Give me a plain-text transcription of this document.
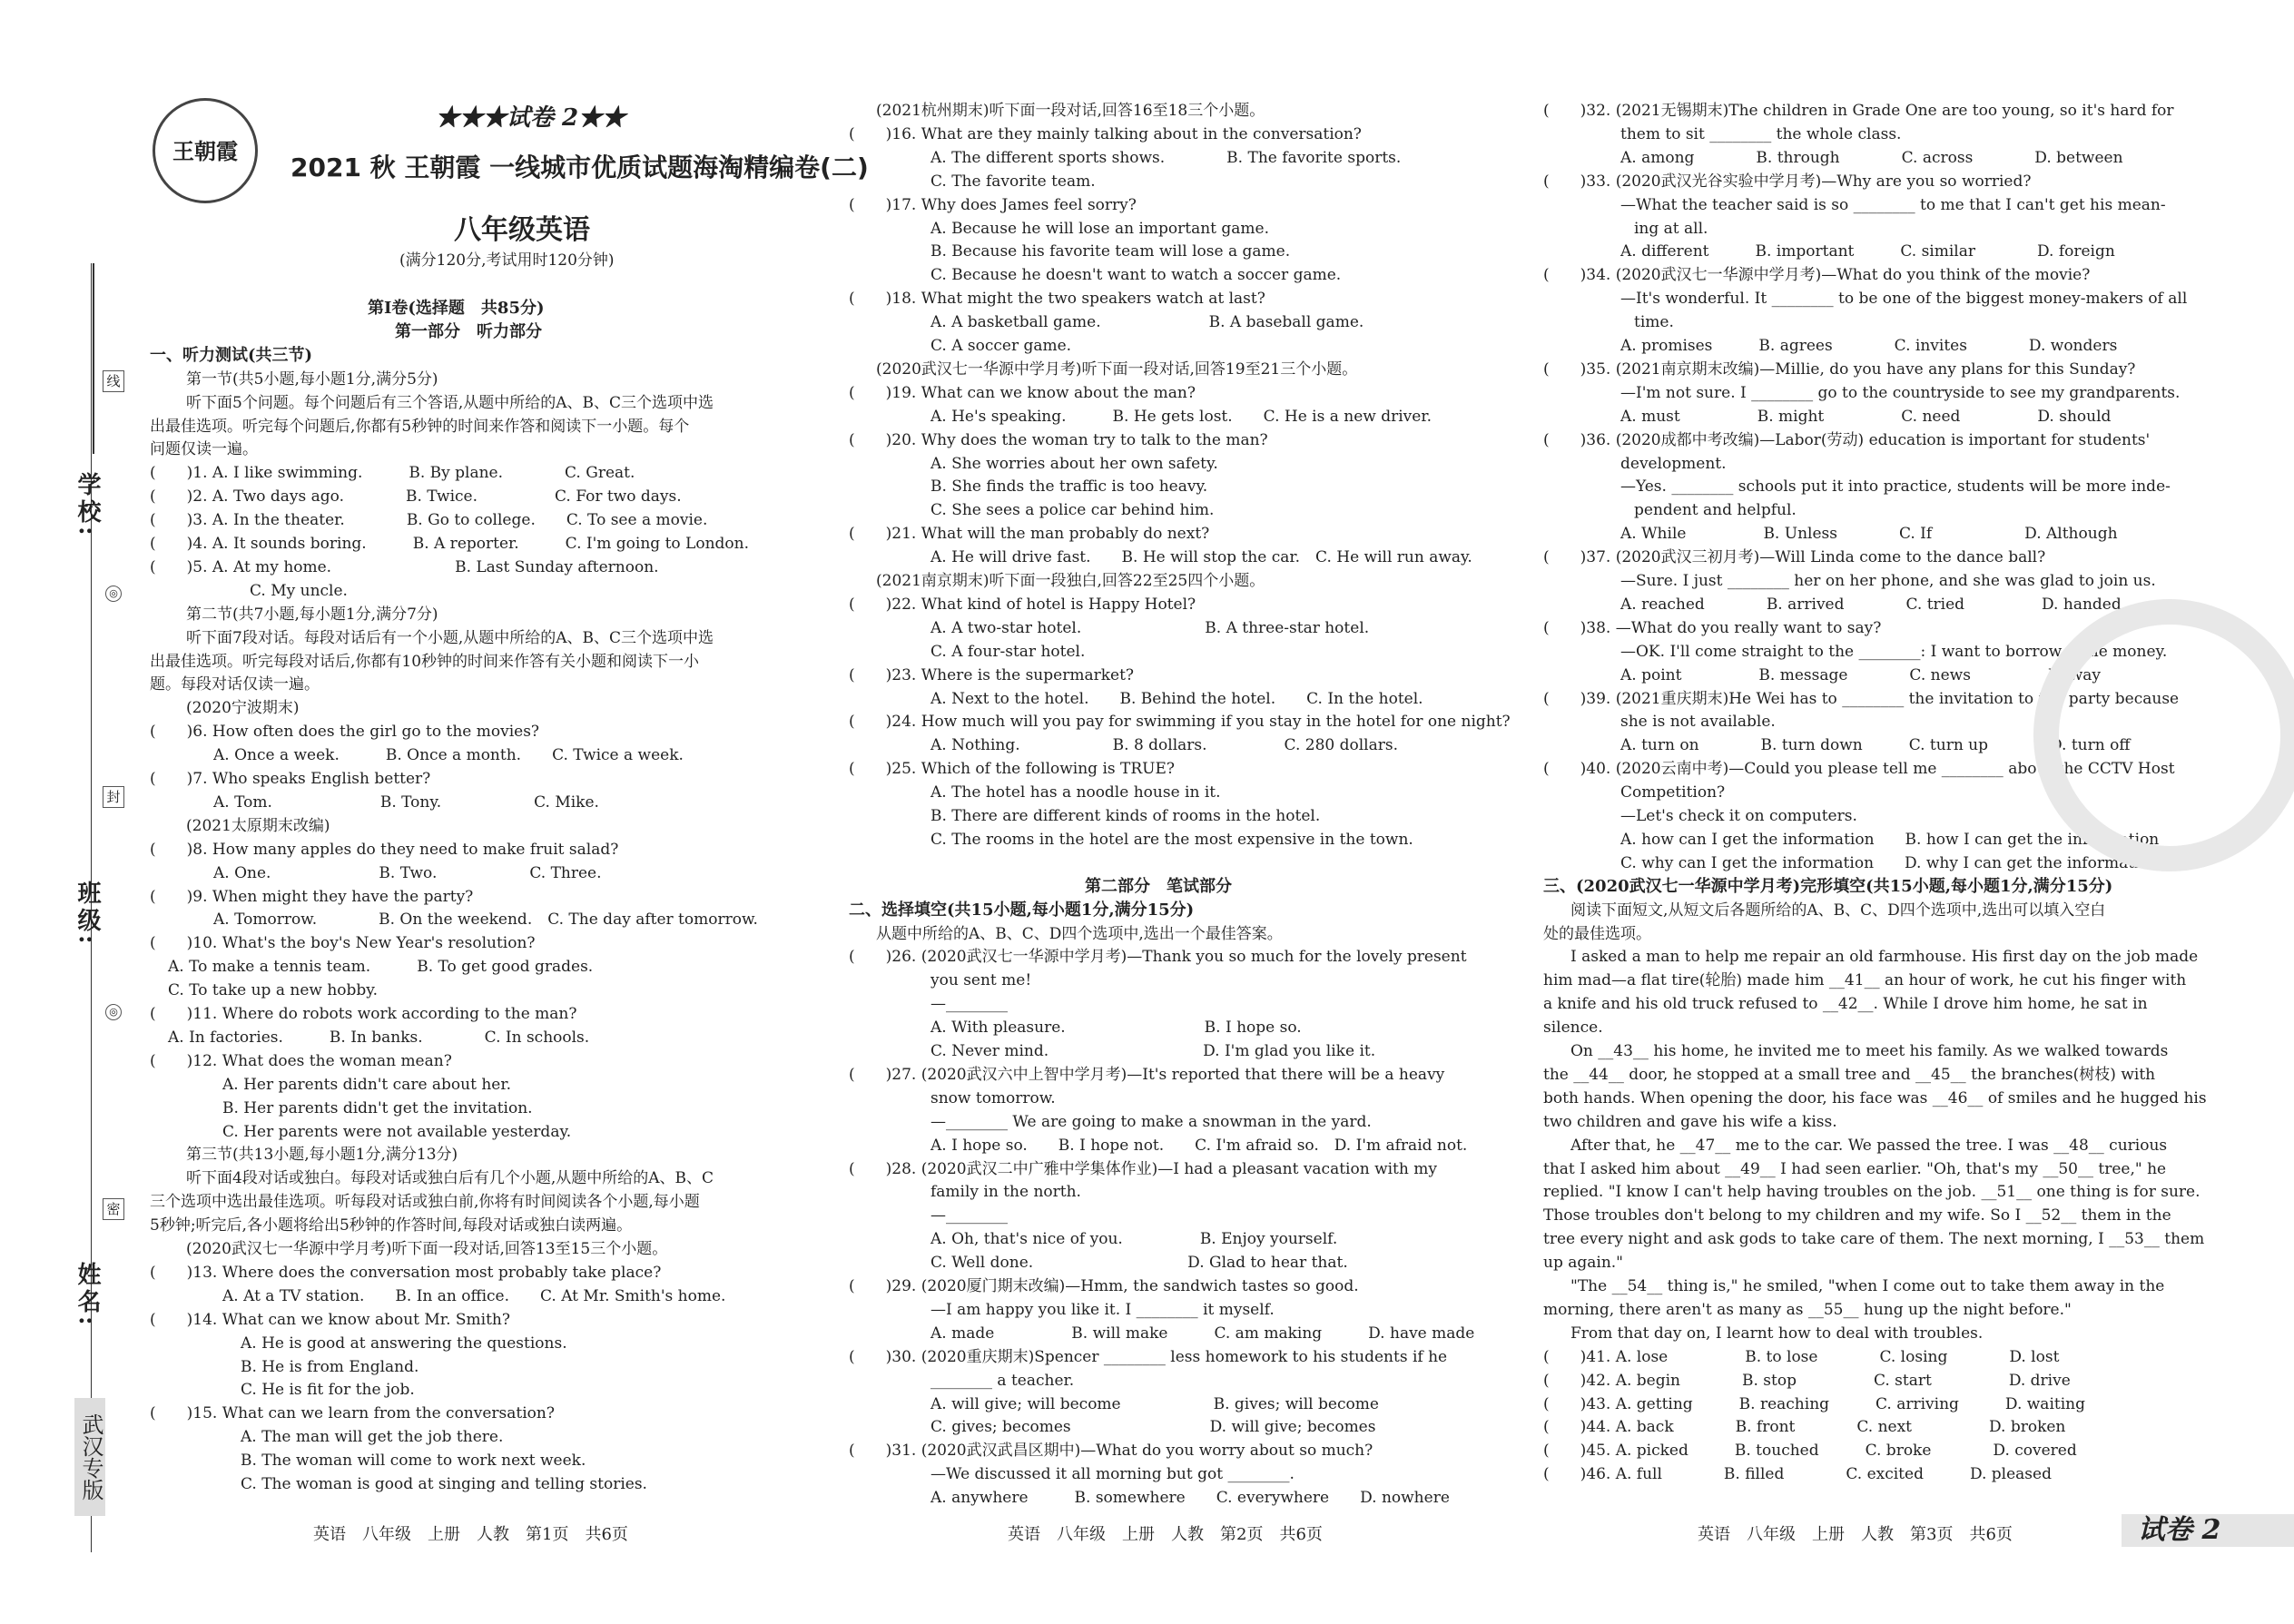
学校:
班级:
姓名:
线
封
密
◎
◎
武汉专版
王朝霞
★★★试卷 2★★
2021 秋 王朝霞 一线城市优质试题海淘精编卷(二)
八年级英语
(满分120分,考试用时120分钟)
第Ⅰ卷(选择题　共85分)
第一部分　听力部分
一、听力测试(共三节)
第一节(共5小题,每小题1分,满分5分)
听下面5个问题。每个问题后有三个答语,从题中所给的A、B、C三个选项中选
出最佳选项。听完每个问题后,你都有5秒钟的时间来作答和阅读下一小题。每个
问题仅读一遍。
(　　)1. A. I like swimming.　　　B. By plane.　　　　C. Great.
(　　)2. A. Two days ago.　　　　B. Twice.　　　　　C. For two days.
(　　)3. A. In the theater.　　　　B. Go to college.　　C. To see a movie.
(　　)4. A. It sounds boring.　　　B. A reporter.　　　C. I'm going to London.
(　　)5. A. At my home.　　　　　　　　B. Last Sunday afternoon.
C. My uncle.
第二节(共7小题,每小题1分,满分7分)
听下面7段对话。每段对话后有一个小题,从题中所给的A、B、C三个选项中选
出最佳选项。听完每段对话后,你都有10秒钟的时间来作答有关小题和阅读下一小
题。每段对话仅读一遍。
(2020宁波期末)
(　　)6. How often does the girl go to the movies?
A. Once a week.　　　B. Once a month.　　C. Twice a week.
(　　)7. Who speaks English better?
A. Tom.　　　　　　　B. Tony.　　　　　　C. Mike.
(2021太原期末改编)
(　　)8. How many apples do they need to make fruit salad?
A. One.　　　　　　　B. Two.　　　　　　C. Three.
(　　)9. When might they have the party?
A. Tomorrow.　　　　B. On the weekend.　C. The day after tomorrow.
(　　)10. What's the boy's New Year's resolution?
A. To make a tennis team.　　　B. To get good grades.
C. To take up a new hobby.
(　　)11. Where do robots work according to the man?
A. In factories.　　　B. In banks.　　　　C. In schools.
(　　)12. What does the woman mean?
A. Her parents didn't care about her.
B. Her parents didn't get the invitation.
C. Her parents were not available yesterday.
第三节(共13小题,每小题1分,满分13分)
听下面4段对话或独白。每段对话或独白后有几个小题,从题中所给的A、B、C
三个选项中选出最佳选项。听每段对话或独白前,你将有时间阅读各个小题,每小题
5秒钟;听完后,各小题将给出5秒钟的作答时间,每段对话或独白读两遍。
(2020武汉七一华源中学月考)听下面一段对话,回答13至15三个小题。
(　　)13. Where does the conversation most probably take place?
A. At a TV station.　　B. In an office.　　C. At Mr. Smith's home.
(　　)14. What can we know about Mr. Smith?
A. He is good at answering the questions.
B. He is from England.
C. He is fit for the job.
(　　)15. What can we learn from the conversation?
A. The man will get the job there.
B. The woman will come to work next week.
C. The woman is good at singing and telling stories.
(2021杭州期末)听下面一段对话,回答16至18三个小题。
(　　)16. What are they mainly talking about in the conversation?
A. The different sports shows.　　　　B. The favorite sports.
C. The favorite team.
(　　)17. Why does James feel sorry?
A. Because he will lose an important game.
B. Because his favorite team will lose a game.
C. Because he doesn't want to watch a soccer game.
(　　)18. What might the two speakers watch at last?
A. A basketball game.　　　　　　　B. A baseball game.
C. A soccer game.
(2020武汉七一华源中学月考)听下面一段对话,回答19至21三个小题。
(　　)19. What can we know about the man?
A. He's speaking.　　　B. He gets lost.　　C. He is a new driver.
(　　)20. Why does the woman try to talk to the man?
A. She worries about her own safety.
B. She finds the traffic is too heavy.
C. She sees a police car behind him.
(　　)21. What will the man probably do next?
A. He will drive fast.　　B. He will stop the car.　C. He will run away.
(2021南京期末)听下面一段独白,回答22至25四个小题。
(　　)22. What kind of hotel is Happy Hotel?
A. A two-star hotel.　　　　　　　　B. A three-star hotel.
C. A four-star hotel.
(　　)23. Where is the supermarket?
A. Next to the hotel.　　B. Behind the hotel.　　C. In the hotel.
(　　)24. How much will you pay for swimming if you stay in the hotel for one night?
A. Nothing.　　　　　　B. 8 dollars.　　　　　C. 280 dollars.
(　　)25. Which of the following is TRUE?
A. The hotel has a noodle house in it.
B. There are different kinds of rooms in the hotel.
C. The rooms in the hotel are the most expensive in the town.
第二部分　笔试部分
二、选择填空(共15小题,每小题1分,满分15分)
从题中所给的A、B、C、D四个选项中,选出一个最佳答案。
(　　)26. (2020武汉七一华源中学月考)—Thank you so much for the lovely present
you sent me!
—________
A. With pleasure.　　　　　　　　　B. I hope so.
C. Never mind.　　　　　　　　　　D. I'm glad you like it.
(　　)27. (2020武汉六中上智中学月考)—It's reported that there will be a heavy
snow tomorrow.
—________ We are going to make a snowman in the yard.
A. I hope so.　　B. I hope not.　　C. I'm afraid so.　D. I'm afraid not.
(　　)28. (2020武汉二中广雅中学集体作业)—I had a pleasant vacation with my
family in the north.
—________
A. Oh, that's nice of you.　　　　　B. Enjoy yourself.
C. Well done.　　　　　　　　　　D. Glad to hear that.
(　　)29. (2020厦门期末改编)—Hmm, the sandwich tastes so good.
—I am happy you like it. I ________ it myself.
A. made　　　　　B. will make　　　C. am making　　　D. have made
(　　)30. (2020重庆期末)Spencer ________ less homework to his students if he
________ a teacher.
A. will give; will become　　　　　　B. gives; will become
C. gives; becomes　　　　　　　　　D. will give; becomes
(　　)31. (2020武汉武昌区期中)—What do you worry about so much?
—We discussed it all morning but got ________.
A. anywhere　　　B. somewhere　　C. everywhere　　D. nowhere
(　　)32. (2021无锡期末)The children in Grade One are too young, so it's hard for
them to sit ________ the whole class.
A. among　　　　B. through　　　　C. across　　　　D. between
(　　)33. (2020武汉光谷实验中学月考)—Why are you so worried?
—What the teacher said is so ________ to me that I can't get his mean-
ing at all.
A. different　　　B. important　　　C. similar　　　　D. foreign
(　　)34. (2020武汉七一华源中学月考)—What do you think of the movie?
—It's wonderful. It ________ to be one of the biggest money-makers of all
time.
A. promises　　　B. agrees　　　　C. invites　　　　D. wonders
(　　)35. (2021南京期末改编)—Millie, do you have any plans for this Sunday?
—I'm not sure. I ________ go to the countryside to see my grandparents.
A. must　　　　　B. might　　　　　C. need　　　　　D. should
(　　)36. (2020成都中考改编)—Labor(劳动) education is important for students'
development.
—Yes. ________ schools put it into practice, students will be more inde-
pendent and helpful.
A. While　　　　　B. Unless　　　　C. If　　　　　　D. Although
(　　)37. (2020武汉三初月考)—Will Linda come to the dance ball?
—Sure. I just ________ her on her phone, and she was glad to join us.
A. reached　　　　B. arrived　　　　C. tried　　　　　D. handed
(　　)38. —What do you really want to say?
—OK. I'll come straight to the ________: I want to borrow some money.
A. point　　　　　B. message　　　　C. news　　　　　D. way
(　　)39. (2021重庆期末)He Wei has to ________ the invitation to the party because
she is not available.
A. turn on　　　　B. turn down　　　C. turn up　　　　D. turn off
(　　)40. (2020云南中考)—Could you please tell me ________ about the CCTV Host
Competition?
—Let's check it on computers.
A. how can I get the information　　B. how I can get the information
C. why can I get the information　　D. why I can get the information
三、(2020武汉七一华源中学月考)完形填空(共15小题,每小题1分,满分15分)
阅读下面短文,从短文后各题所给的A、B、C、D四个选项中,选出可以填入空白
处的最佳选项。
I asked a man to help me repair an old farmhouse. His first day on the job made
him mad—a flat tire(轮胎) made him __41__ an hour of work, he cut his finger with
a knife and his old truck refused to __42__. While I drove him home, he sat in
silence.
On __43__ his home, he invited me to meet his family. As we walked towards
the __44__ door, he stopped at a small tree and __45__ the branches(树枝) with
both hands. When opening the door, his face was __46__ of smiles and he hugged his
two children and gave his wife a kiss.
After that, he __47__ me to the car. We passed the tree. I was __48__ curious
that I asked him about __49__ I had seen earlier. "Oh, that's my __50__ tree," he
replied. "I know I can't help having troubles on the job. __51__ one thing is for sure.
Those troubles don't belong to my children and my wife. So I __52__ them in the
tree every night and ask gods to take care of them. The next morning, I __53__ them
up again."
"The __54__ thing is," he smiled, "when I come out to take them away in the
morning, there aren't as many as __55__ hung up the night before."
From that day on, I learnt how to deal with troubles.
(　　)41. A. lose　　　　　B. to lose　　　　C. losing　　　　D. lost
(　　)42. A. begin　　　　B. stop　　　　　C. start　　　　　D. drive
(　　)43. A. getting　　　B. reaching　　　C. arriving　　　D. waiting
(　　)44. A. back　　　　B. front　　　　C. next　　　　　D. broken
(　　)45. A. picked　　　B. touched　　　C. broke　　　　D. covered
(　　)46. A. full　　　　B. filled　　　　C. excited　　　D. pleased
英语　八年级　上册　人教　第1页　共6页	英语　八年级　上册　人教　第2页　共6页	英语　八年级　上册　人教　第3页　共6页	试卷 2
